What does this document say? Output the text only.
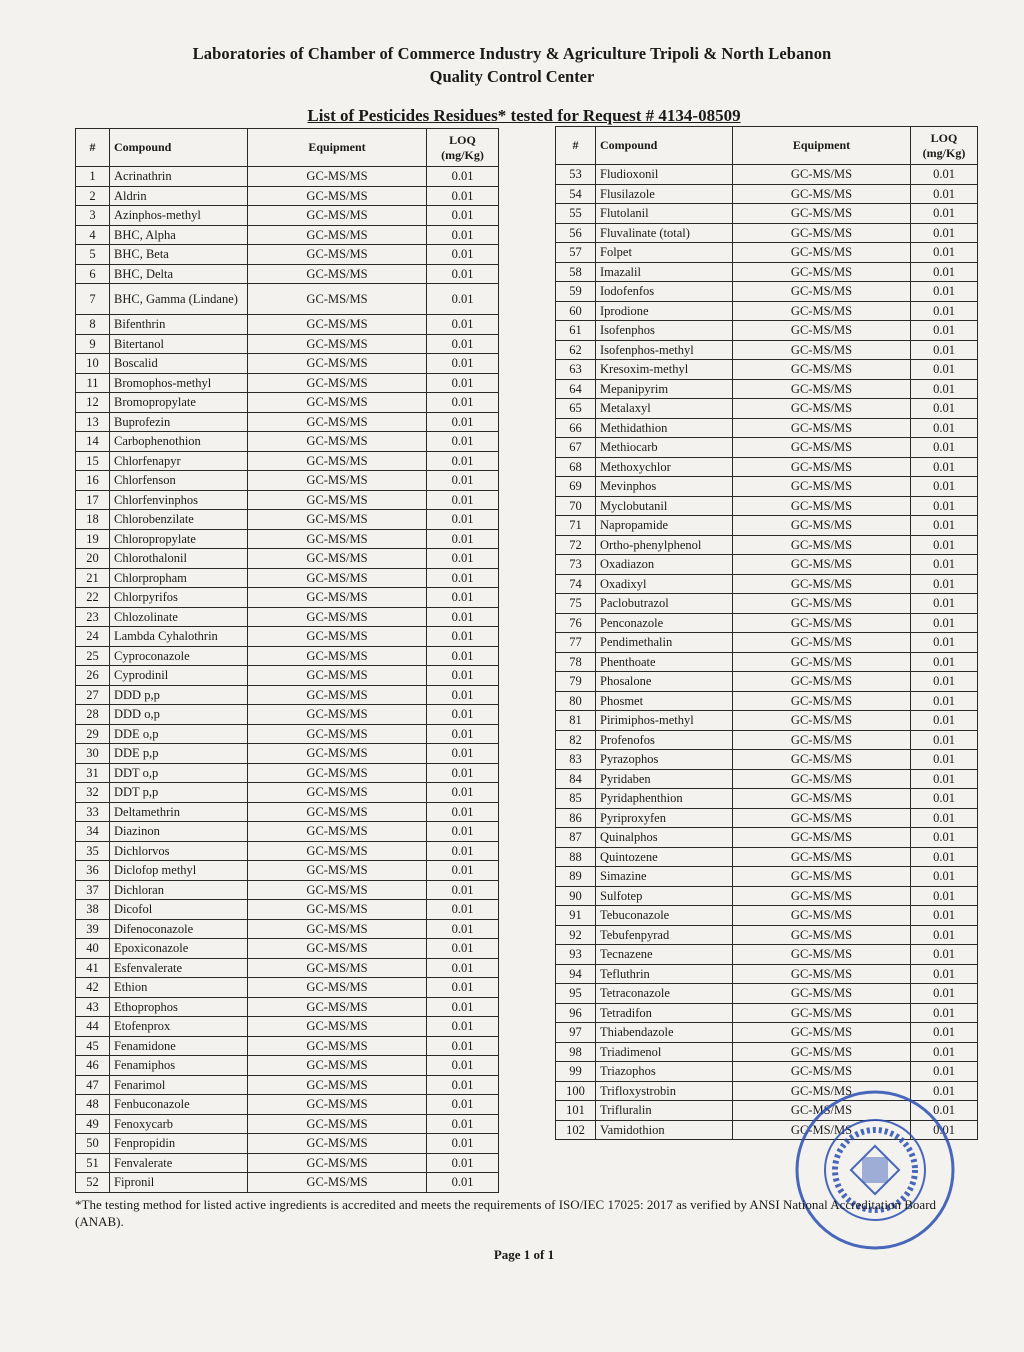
Laboratories of Chamber of Commerce Industry & Agriculture Tripoli & North Lebanon
Quality Control Center
List of Pesticides Residues* tested for Request # 4134-08509
#	Compound	Equipment	LOQ
(mg/Kg)
1	Acrinathrin	GC-MS/MS	0.01
2	Aldrin	GC-MS/MS	0.01
3	Azinphos-methyl	GC-MS/MS	0.01
4	BHC, Alpha	GC-MS/MS	0.01
5	BHC, Beta	GC-MS/MS	0.01
6	BHC, Delta	GC-MS/MS	0.01
7	BHC, Gamma (Lindane)	GC-MS/MS	0.01
8	Bifenthrin	GC-MS/MS	0.01
9	Bitertanol	GC-MS/MS	0.01
10	Boscalid	GC-MS/MS	0.01
11	Bromophos-methyl	GC-MS/MS	0.01
12	Bromopropylate	GC-MS/MS	0.01
13	Buprofezin	GC-MS/MS	0.01
14	Carbophenothion	GC-MS/MS	0.01
15	Chlorfenapyr	GC-MS/MS	0.01
16	Chlorfenson	GC-MS/MS	0.01
17	Chlorfenvinphos	GC-MS/MS	0.01
18	Chlorobenzilate	GC-MS/MS	0.01
19	Chloropropylate	GC-MS/MS	0.01
20	Chlorothalonil	GC-MS/MS	0.01
21	Chlorpropham	GC-MS/MS	0.01
22	Chlorpyrifos	GC-MS/MS	0.01
23	Chlozolinate	GC-MS/MS	0.01
24	Lambda Cyhalothrin	GC-MS/MS	0.01
25	Cyproconazole	GC-MS/MS	0.01
26	Cyprodinil	GC-MS/MS	0.01
27	DDD p,p	GC-MS/MS	0.01
28	DDD o,p	GC-MS/MS	0.01
29	DDE o,p	GC-MS/MS	0.01
30	DDE p,p	GC-MS/MS	0.01
31	DDT o,p	GC-MS/MS	0.01
32	DDT p,p	GC-MS/MS	0.01
33	Deltamethrin	GC-MS/MS	0.01
34	Diazinon	GC-MS/MS	0.01
35	Dichlorvos	GC-MS/MS	0.01
36	Diclofop methyl	GC-MS/MS	0.01
37	Dichloran	GC-MS/MS	0.01
38	Dicofol	GC-MS/MS	0.01
39	Difenoconazole	GC-MS/MS	0.01
40	Epoxiconazole	GC-MS/MS	0.01
41	Esfenvalerate	GC-MS/MS	0.01
42	Ethion	GC-MS/MS	0.01
43	Ethoprophos	GC-MS/MS	0.01
44	Etofenprox	GC-MS/MS	0.01
45	Fenamidone	GC-MS/MS	0.01
46	Fenamiphos	GC-MS/MS	0.01
47	Fenarimol	GC-MS/MS	0.01
48	Fenbuconazole	GC-MS/MS	0.01
49	Fenoxycarb	GC-MS/MS	0.01
50	Fenpropidin	GC-MS/MS	0.01
51	Fenvalerate	GC-MS/MS	0.01
52	Fipronil	GC-MS/MS	0.01
#	Compound	Equipment	LOQ
(mg/Kg)
53	Fludioxonil	GC-MS/MS	0.01
54	Flusilazole	GC-MS/MS	0.01
55	Flutolanil	GC-MS/MS	0.01
56	Fluvalinate (total)	GC-MS/MS	0.01
57	Folpet	GC-MS/MS	0.01
58	Imazalil	GC-MS/MS	0.01
59	Iodofenfos	GC-MS/MS	0.01
60	Iprodione	GC-MS/MS	0.01
61	Isofenphos	GC-MS/MS	0.01
62	Isofenphos-methyl	GC-MS/MS	0.01
63	Kresoxim-methyl	GC-MS/MS	0.01
64	Mepanipyrim	GC-MS/MS	0.01
65	Metalaxyl	GC-MS/MS	0.01
66	Methidathion	GC-MS/MS	0.01
67	Methiocarb	GC-MS/MS	0.01
68	Methoxychlor	GC-MS/MS	0.01
69	Mevinphos	GC-MS/MS	0.01
70	Myclobutanil	GC-MS/MS	0.01
71	Napropamide	GC-MS/MS	0.01
72	Ortho-phenylphenol	GC-MS/MS	0.01
73	Oxadiazon	GC-MS/MS	0.01
74	Oxadixyl	GC-MS/MS	0.01
75	Paclobutrazol	GC-MS/MS	0.01
76	Penconazole	GC-MS/MS	0.01
77	Pendimethalin	GC-MS/MS	0.01
78	Phenthoate	GC-MS/MS	0.01
79	Phosalone	GC-MS/MS	0.01
80	Phosmet	GC-MS/MS	0.01
81	Pirimiphos-methyl	GC-MS/MS	0.01
82	Profenofos	GC-MS/MS	0.01
83	Pyrazophos	GC-MS/MS	0.01
84	Pyridaben	GC-MS/MS	0.01
85	Pyridaphenthion	GC-MS/MS	0.01
86	Pyriproxyfen	GC-MS/MS	0.01
87	Quinalphos	GC-MS/MS	0.01
88	Quintozene	GC-MS/MS	0.01
89	Simazine	GC-MS/MS	0.01
90	Sulfotep	GC-MS/MS	0.01
91	Tebuconazole	GC-MS/MS	0.01
92	Tebufenpyrad	GC-MS/MS	0.01
93	Tecnazene	GC-MS/MS	0.01
94	Tefluthrin	GC-MS/MS	0.01
95	Tetraconazole	GC-MS/MS	0.01
96	Tetradifon	GC-MS/MS	0.01
97	Thiabendazole	GC-MS/MS	0.01
98	Triadimenol	GC-MS/MS	0.01
99	Triazophos	GC-MS/MS	0.01
100	Trifloxystrobin	GC-MS/MS	0.01
101	Trifluralin	GC-MS/MS	0.01
102	Vamidothion	GC-MS/MS	0.01
*The testing method for listed active ingredients is accredited and meets the requirements of ISO/IEC 17025: 2017 as verified by ANSI National Accreditation Board (ANAB).
Page 1 of 1
